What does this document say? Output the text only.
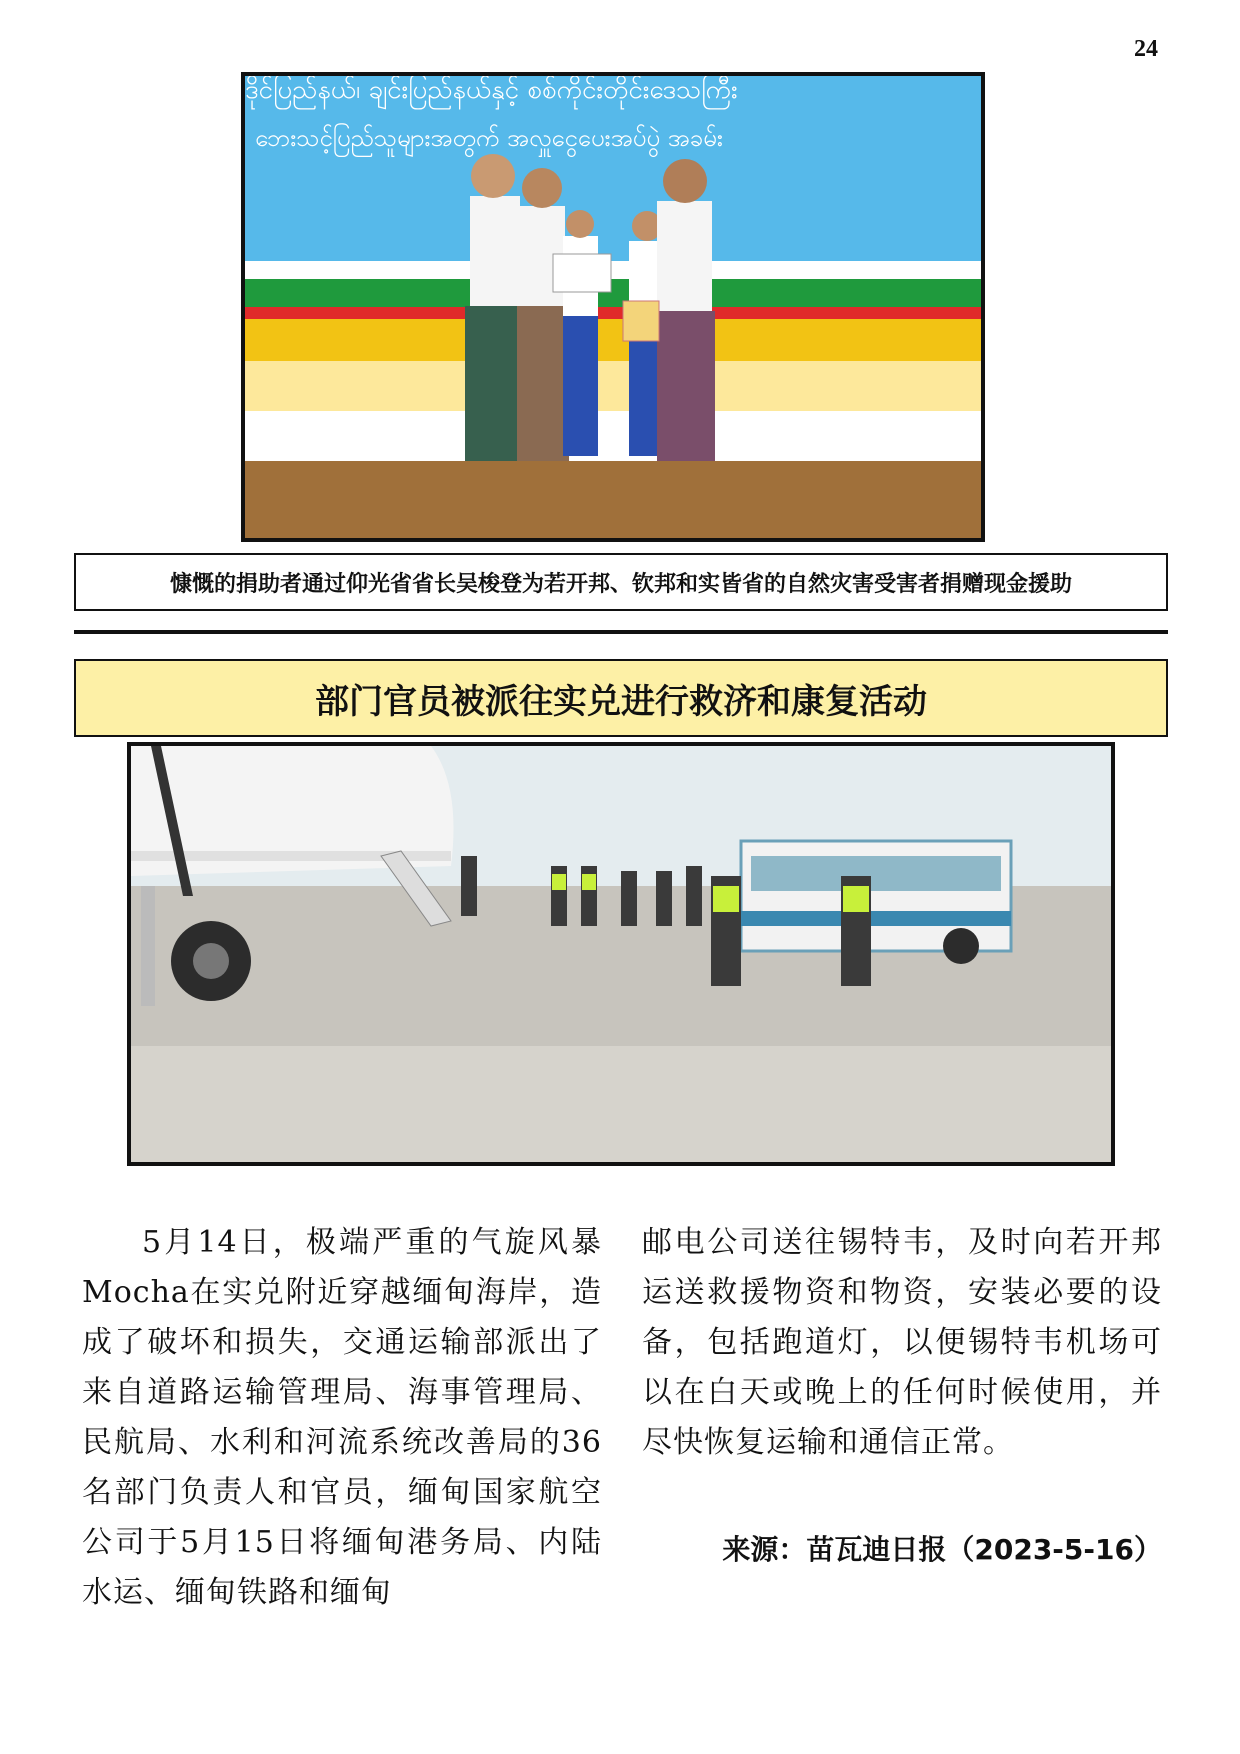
24
ဒိုင်ပြည်နယ်၊ ချင်းပြည်နယ်နှင့် စစ်ကိုင်းတိုင်းဒေသကြီး
ဘေးသင့်ပြည်သူများအတွက် အလှူငွေပေးအပ်ပွဲ အခမ်း
慷慨的捐助者通过仰光省省长吴梭登为若开邦、钦邦和实皆省的自然灾害受害者捐赠现金援助
部门官员被派往实兑进行救济和康复活动
5月14日，极端严重的气旋风暴Mocha在实兑附近穿越缅甸海岸，造成了破坏和损失，交通运输部派出了来自道路运输管理局、海事管理局、民航局、水利和河流系统改善局的36名部门负责人和官员，缅甸国家航空公司于5月15日将缅甸港务局、内陆水运、缅甸铁路和缅甸
邮电公司送往锡特韦，及时向若开邦运送救援物资和物资，安装必要的设备，包括跑道灯，以便锡特韦机场可以在白天或晚上的任何时候使用，并尽快恢复运输和通信正常。
来源：苗瓦迪日报（2023-5-16）
